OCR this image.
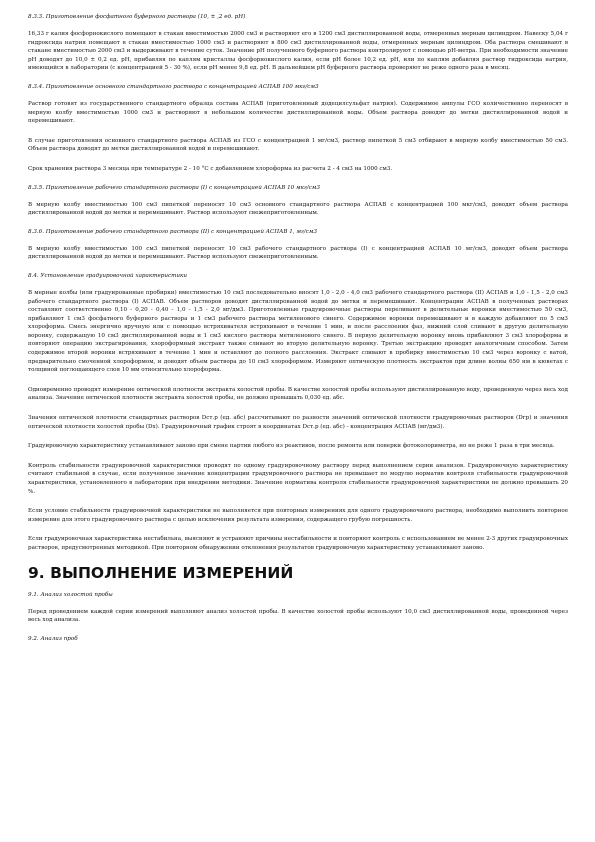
8.3.3. Приготовление фосфатного буферного раствора (10, ± ,2 ед. рН)
16,33 г калия фосфорнокислого помещают в стакан вместимостью 2000 см3 и растворяют его в 1200 см3 дистиллированной воды, отмеренных мерным цилиндром. Навеску 5,04 г гидроксида натрия помещают в стакан вместимостью 1000 см3 и растворяют в 800 см3 дистиллированной воды, отмеренных мерным цилиндром. Оба раствора смешивают в стакане вместимостью 2000 см3 и выдерживают в течение суток. Значение рН полученного буферного раствора контролируют с помощью рН-метра. При необходимости значение рН доводят до 10,0 ± 0,2 ед. рН, прибавляя по каплям кристаллы фосфорнокислого калия, если рН более 10,2 ед. рН, или по каплям добавляя раствор гидроксида натрия, имеющийся в лаборатории (с концентрацией 5 - 30 %), если рН менее 9,8 ед. рН. В дальнейшем рН буферного раствора проверяют не реже одного раза в месяц.
8.3.4. Приготовление основного стандартного раствора с концентрацией АСПАВ 100 мкг/см3
Раствор готовят из государственного стандартного образца состава АСПАВ (приготовленный додецилсульфат натрия). Содержимое ампулы ГСО количественно переносят в мерную колбу вместимостью 1000 см3 и растворяют в небольшом количестве дистиллированной воды. Объем раствора доводят до метки дистиллированной водой и перемешивают.
В случае приготовления основного стандартного раствора АСПАВ из ГСО с концентрацией 1 мг/см3, раствор пипеткой 5 см3 отбирают в мерную колбу вместимостью 50 см3. Объем раствора доводят до метки дистиллированной водой и перемешивают.
Срок хранения раствора 3 месяца при температуре 2 - 10 °С с добавлением хлороформа из расчета 2 - 4 см3 на 1000 см3.
8.3.5. Приготовление рабочего стандартного раствора (I) с концентрацией АСПАВ 10 мкг/см3
В мерную колбу вместимостью 100 см3 пипеткой переносят 10 см3 основного стандартного раствора АСПАВ с концентрацией 100 мкг/см3, доводят объем раствора дистиллированной водой до метки и перемешивают. Раствор используют свежеприготовленным.
8.3.6. Приготовление рабочего стандартного раствора (II) с концентрацией АСПАВ 1, мг/см3
В мерную колбу вместимостью 100 см3 пипеткой переносят 10 см3 рабочего стандартного раствора (I) с концентрацией АСПАВ 10 мг/см3, доводят объем раствора дистиллированной водой до метки и перемешивают. Раствор используют свежеприготовленным.
8.4. Установление градуировочной характеристики
В мерные колбы (или градуированные пробирки) вместимостью 10 см3 последовательно вносят 1,0 - 2,0 - 4,0 см3 рабочего стандартного раствора (II) АСПАВ и 1,0 - 1,5 - 2,0 см3 рабочего стандартного раствора (I) АСПАВ. Объем растворов доводят дистиллированной водой до метки и перемешивают. Концентрации АСПАВ в полученных растворах составляют соответственно 0,10 - 0,20 - 0,40 - 1,0 - 1,5 - 2,0 мг/дм3. Приготовленные градуировочные растворы переливают в делительные воронки вместимостью 50 см3, прибавляют 1 см3 фосфатного буферного раствора и 1 см3 рабочего раствора метиленового синего. Содержимое воронки перемешивают и в каждую добавляют по 5 см3 хлороформа. Смесь энергично вручную или с помощью встряхивателя встряхивают в течение 1 мин, и после расслоения фаз, нижний слой сливают в другую делительную воронку, содержащую 10 см3 дистиллированной воды и 1 см3 кислого раствора метиленового синего. В первую делительную воронку вновь прибавляют 3 см3 хлороформа и повторяют операцию экстрагирования, хлороформный экстракт также сливают во вторую делительную воронку. Третью экстракцию проводят аналогичным способом. Затем содержимое второй воронки встряхивают в течение 1 мин и оставляют до полного расслоения. Экстракт сливают в пробирку вместимостью 10 см3 через воронку с ватой, предварительно смоченной хлороформом, и доводят объем раствора до 10 см3 хлороформом. Измеряют оптическую плотность экстрактов при длине волны 650 нм в кюветах с толщиной поглощающего слоя 10 мм относительно хлороформа.
Одновременно проводят измерение оптической плотности экстракта холостой пробы. В качестве холостой пробы используют дистиллированную воду, проведенную через весь ход анализа. Значение оптической плотности экстракта холостой пробы, не должно превышать 0,030 ед. абс.
Значения оптической плотности стандартных растворов Dст.р (ед. абс) рассчитывают по разности значений оптической плотности градуировочных растворов (Dгр) и значения оптической плотности холостой пробы (Dх). Градуировочный график строят в координатах Dст.р (ед. абс) - концентрация АСПАВ (мг/дм3).
Градуировочную характеристику устанавливают заново при смене партии любого из реактивов, после ремонта или поверки фотоколориметра, но не реже 1 раза в три месяца.
Контроль стабильности градуировочной характеристики проводят по одному градуировочному раствору перед выполнением серии анализов. Градуировочную характеристику считают стабильной в случае, если полученное значение концентрации градуировочного раствора не превышает по модулю норматив контроля стабильности градуировочной характеристики, установленного в лаборатории при внедрении методики. Значение норматива контроля стабильности градуировочной характеристики не должно превышать 20 %.
Если условие стабильности градуировочной характеристики не выполняется при повторных измерениях для одного градуировочного раствора, необходимо выполнить повторное измерение для этого градуировочного раствора с целью исключения результата измерения, содержащего грубую погрешность.
Если градуировочная характеристика нестабильна, выясняют и устраняют причины нестабильности и повторяют контроль с использованием не менее 2-3 других градуировочных растворов, предусмотренных методикой. При повторном обнаружении отклонения результатов градуировочную характеристику устанавливают заново.
9. ВЫПОЛНЕНИЕ ИЗМЕРЕНИЙ
9.1. Анализ холостой пробы
Перед проведением каждой серии измерений выполняют анализ холостой пробы. В качестве холостой пробы используют 10,0 см3 дистиллированной воды, проведенной через весь ход анализа.
9.2. Анализ проб
